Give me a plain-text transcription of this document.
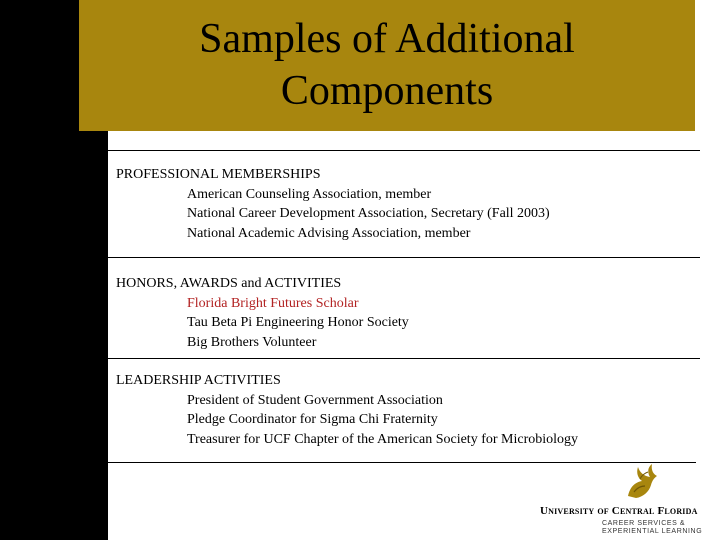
Samples of Additional Components
PROFESSIONAL MEMBERSHIPS
American Counseling Association, member
National Career Development Association, Secretary (Fall 2003)
National Academic Advising Association, member
HONORS, AWARDS and ACTIVITIES
Florida Bright Futures Scholar
Tau Beta Pi Engineering Honor Society
Big Brothers Volunteer
LEADERSHIP ACTIVITIES
President of Student Government Association
Pledge Coordinator for Sigma Chi Fraternity
Treasurer for UCF Chapter of the American Society for Microbiology
University of Central Florida
CAREER SERVICES &
EXPERIENTIAL LEARNING
